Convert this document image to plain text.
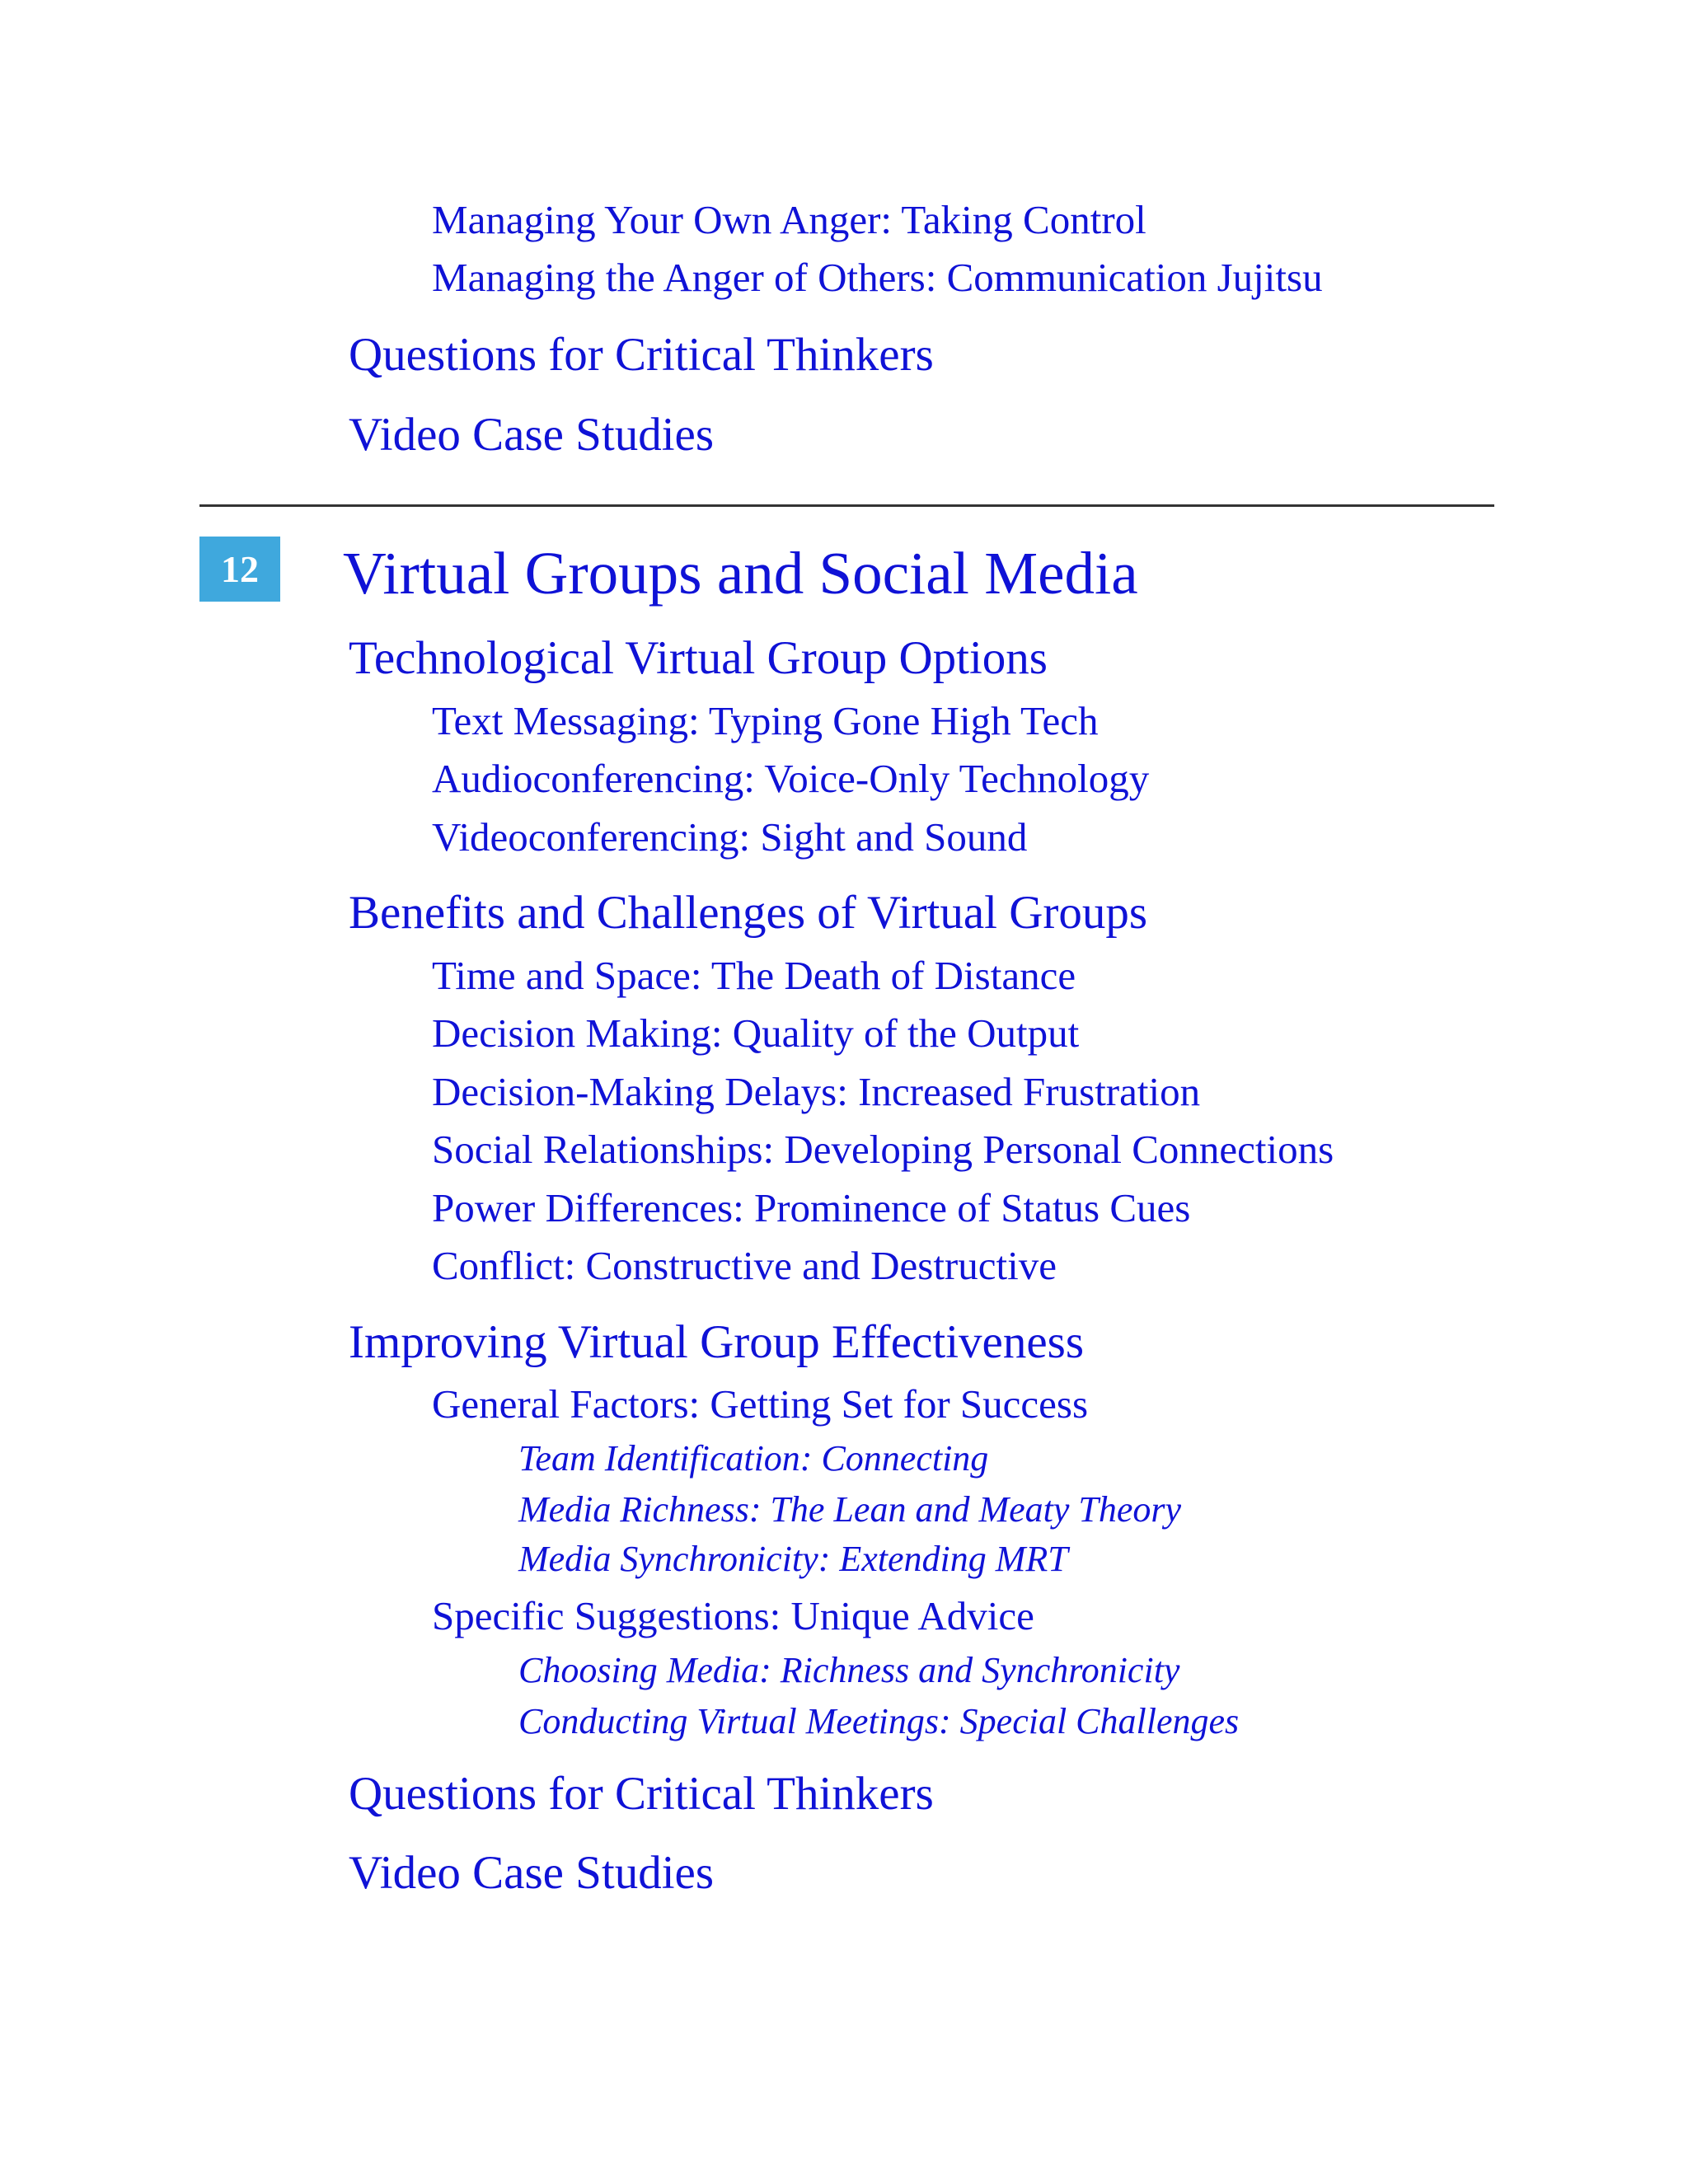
Managing Your Own Anger: Taking Control
Managing the Anger of Others: Communication Jujitsu
Questions for Critical Thinkers
Video Case Studies
12	Virtual Groups and Social Media
Technological Virtual Group Options
Text Messaging: Typing Gone High Tech
Audioconferencing: Voice-Only Technology
Videoconferencing: Sight and Sound
Benefits and Challenges of Virtual Groups
Time and Space: The Death of Distance
Decision Making: Quality of the Output
Decision-Making Delays: Increased Frustration
Social Relationships: Developing Personal Connections
Power Differences: Prominence of Status Cues
Conflict: Constructive and Destructive
Improving Virtual Group Effectiveness
General Factors: Getting Set for Success
Team Identification: Connecting
Media Richness: The Lean and Meaty Theory
Media Synchronicity: Extending MRT
Specific Suggestions: Unique Advice
Choosing Media: Richness and Synchronicity
Conducting Virtual Meetings: Special Challenges
Questions for Critical Thinkers
Video Case Studies
